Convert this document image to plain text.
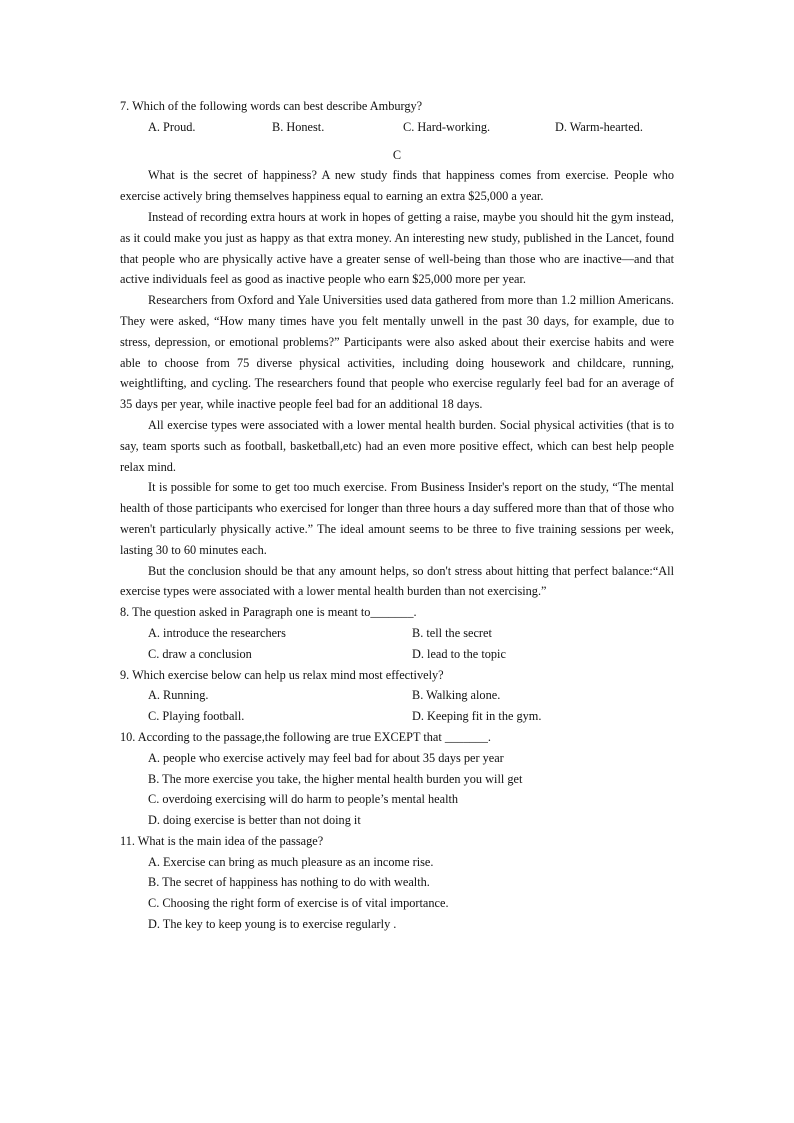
7. Which of the following words can best describe Amburgy?
A. Proud.	B. Honest.	C. Hard-working.	D. Warm-hearted.
C
What is the secret of happiness? A new study finds that happiness comes from exercise. People who exercise actively bring themselves happiness equal to earning an extra $25,000 a year.
Instead of recording extra hours at work in hopes of getting a raise, maybe you should hit the gym instead, as it could make you just as happy as that extra money. An interesting new study, published in the Lancet, found that people who are physically active have a greater sense of well-being than those who are inactive—and that active individuals feel as good as inactive people who earn $25,000 more per year.
Researchers from Oxford and Yale Universities used data gathered from more than 1.2 million Americans. They were asked, “How many times have you felt mentally unwell in the past 30 days, for example, due to stress, depression, or emotional problems?” Participants were also asked about their exercise habits and were able to choose from 75 diverse physical activities, including doing housework and childcare, running, weightlifting, and cycling. The researchers found that people who exercise regularly feel bad for an average of 35 days per year, while inactive people feel bad for an additional 18 days.
All exercise types were associated with a lower mental health burden. Social physical activities (that is to say, team sports such as football, basketball,etc) had an even more positive effect, which can best help people relax mind.
It is possible for some to get too much exercise. From Business Insider's report on the study, “The mental health of those participants who exercised for longer than three hours a day suffered more than that of those who weren't particularly physically active.” The ideal amount seems to be three to five training sessions per week, lasting 30 to 60 minutes each.
But the conclusion should be that any amount helps, so don't stress about hitting that perfect balance:“All exercise types were associated with a lower mental health burden than not exercising.”
8. The question asked in Paragraph one is meant to_______.
A. introduce the researchers	B. tell the secret
C. draw a conclusion	D. lead to the topic
9. Which exercise below can help us relax mind most effectively?
A. Running.	B. Walking alone.
C. Playing football.	D. Keeping fit in the gym.
10. According to the passage,the following are true EXCEPT that _______.
A. people who exercise actively may feel bad for about 35 days per year
B. The more exercise you take, the higher mental health burden you will get
C. overdoing exercising will do harm to people’s mental health
D. doing exercise is better than not doing it
11. What is the main idea of the passage?
A. Exercise can bring as much pleasure as an income rise.
B. The secret of happiness has nothing to do with wealth.
C. Choosing the right form of exercise is of vital importance.
D. The key to keep young is to exercise regularly .
